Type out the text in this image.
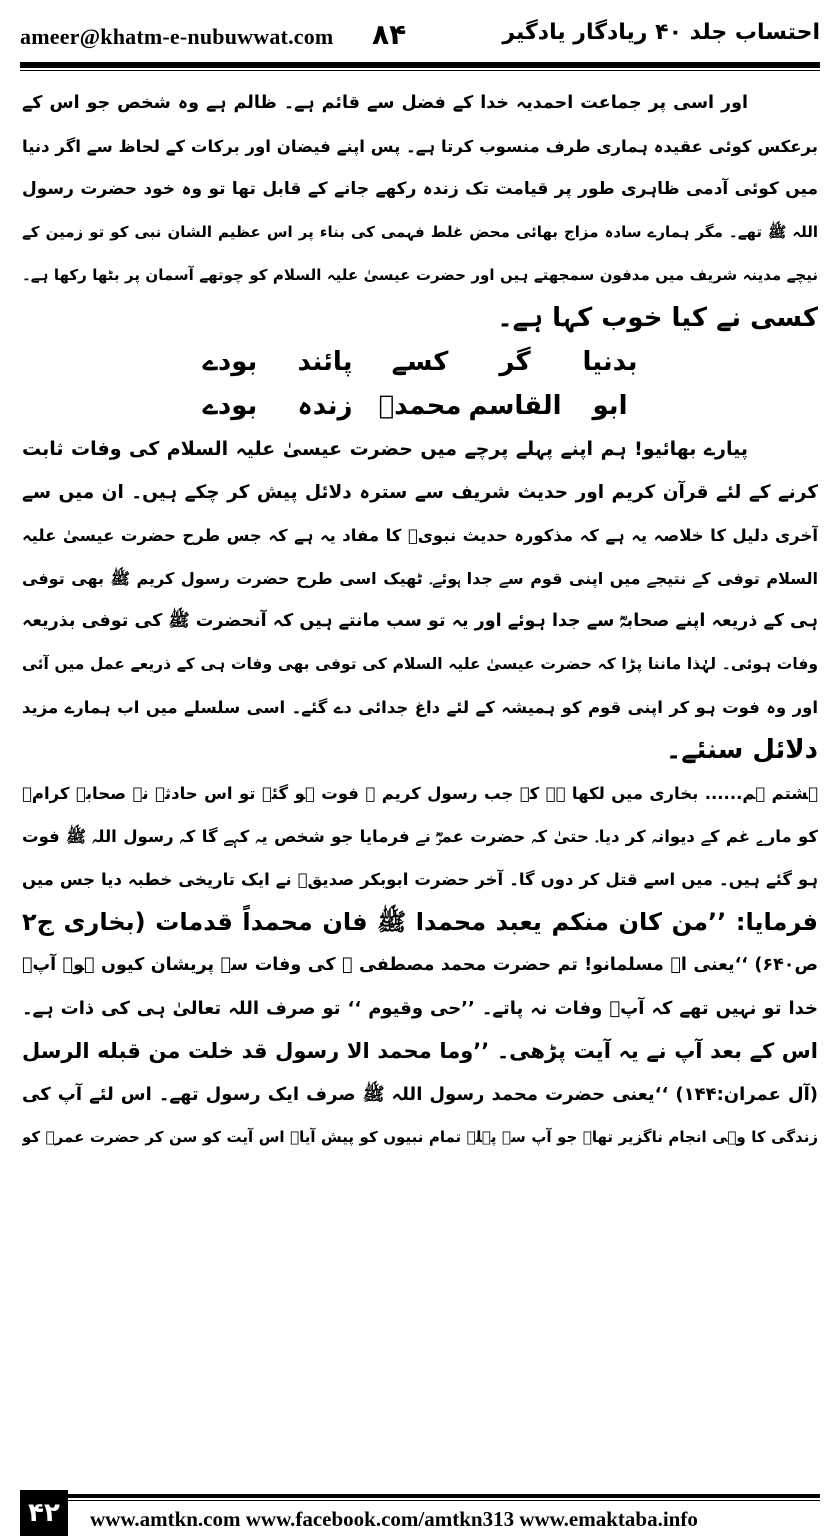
ameer@khatm-e-nubuwwat.com ۸۴	احتساب جلد ۴۰ ریادگار یادگیر
اور اسی پر جماعت احمدیہ خدا کے فضل سے قائم ہے۔ ظالم ہے وہ شخص جو اس کے
برعکس کوئی عقیدہ ہماری طرف منسوب کرتا ہے۔ پس اپنے فیضان اور برکات کے لحاظ سے اگر دنیا
میں کوئی آدمی ظاہری طور پر قیامت تک زندہ رکھے جانے کے قابل تھا تو وہ خود حضرت رسول
اللہ ﷺ تھے۔ مگر ہمارے سادہ مزاج بھائی محض غلط فہمی کی بناء پر اس عظیم الشان نبی کو تو زمین کے
نیچے مدینہ شریف میں مدفون سمجھتے ہیں اور حضرت عیسیٰ علیہ السلام کو چوتھے آسمان پر بٹھا رکھا ہے۔
کسی نے کیا خوب کہا ہے۔
بدنیا
گر
کسے
پائند
بودے
ابو
القاسم
محمدؐ
زندہ
بودے
پیارے بھائیو! ہم اپنے پہلے پرچے میں حضرت عیسیٰ علیہ السلام کی وفات ثابت
کرنے کے لئے قرآن کریم اور حدیث شریف سے سترہ دلائل پیش کر چکے ہیں۔ ان میں سے
آخری دلیل کا خلاصہ یہ ہے کہ مذکورہ حدیث نبویؐ کا مفاد یہ ہے کہ جس طرح حضرت عیسیٰ علیہ
السلام توفی کے نتیجے میں اپنی قوم سے جدا ہوئے۔ ٹھیک اسی طرح حضرت رسول کریم ﷺ بھی توفی
ہی کے ذریعہ اپنے صحابہؓ سے جدا ہوئے اور یہ تو سب مانتے ہیں کہ آنحضرت ﷺ کی توفی بذریعہ
وفات ہوئی۔ لہٰذا ماننا پڑا کہ حضرت عیسیٰ علیہ السلام کی توفی بھی وفات ہی کے ذریعے عمل میں آئی
اور وہ فوت ہو کر اپنی قوم کو ہمیشہ کے لئے داغ جدائی دے گئے۔ اسی سلسلے میں اب ہمارے مزید
دلائل سنئے۔
ہشتم ہم...... بخاری میں لکھا ہے کہ جب رسول کریم ﷺ فوت ہو گئے تو اس حادثے نے صحابہ کرامؓ
کو مارے غم کے دیوانہ کر دیا۔ حتیٰ کہ حضرت عمرؓ نے فرمایا جو شخص یہ کہے گا کہ رسول اللہ ﷺ فوت
ہو گئے ہیں۔ میں اسے قتل کر دوں گا۔ آخر حضرت ابوبکر صدیقؓ نے ایک تاریخی خطبہ دیا جس میں
فرمایا: ’’من کان منکم یعبد محمدا ﷺ فان محمداً قدمات (بخاری ج۲
ص۶۴۰) ‘‘یعنی اے مسلمانو! تم حضرت محمد مصطفی ﷺ کی وفات سے پریشان کیوں ہو۔ آپؐ
خدا تو نہیں تھے کہ آپؐ وفات نہ پاتے۔ ’’حی وقیوم ‘‘ تو صرف اللہ تعالیٰ ہی کی ذات ہے۔
اس کے بعد آپ نے یہ آیت پڑھی۔ ’’وما محمد الا رسول قد خلت من قبله الرسل
(آل عمران:۱۴۴) ‘‘یعنی حضرت محمد رسول اللہ ﷺ صرف ایک رسول تھے۔ اس لئے آپ کی
زندگی کا وہی انجام ناگزیر تھا۔ جو آپ سے پہلے تمام نبیوں کو پیش آیا۔ اس آیت کو سن کر حضرت عمرؓ کو
۴۲	www.amtkn.com www.facebook.com/amtkn313 www.emaktaba.info
